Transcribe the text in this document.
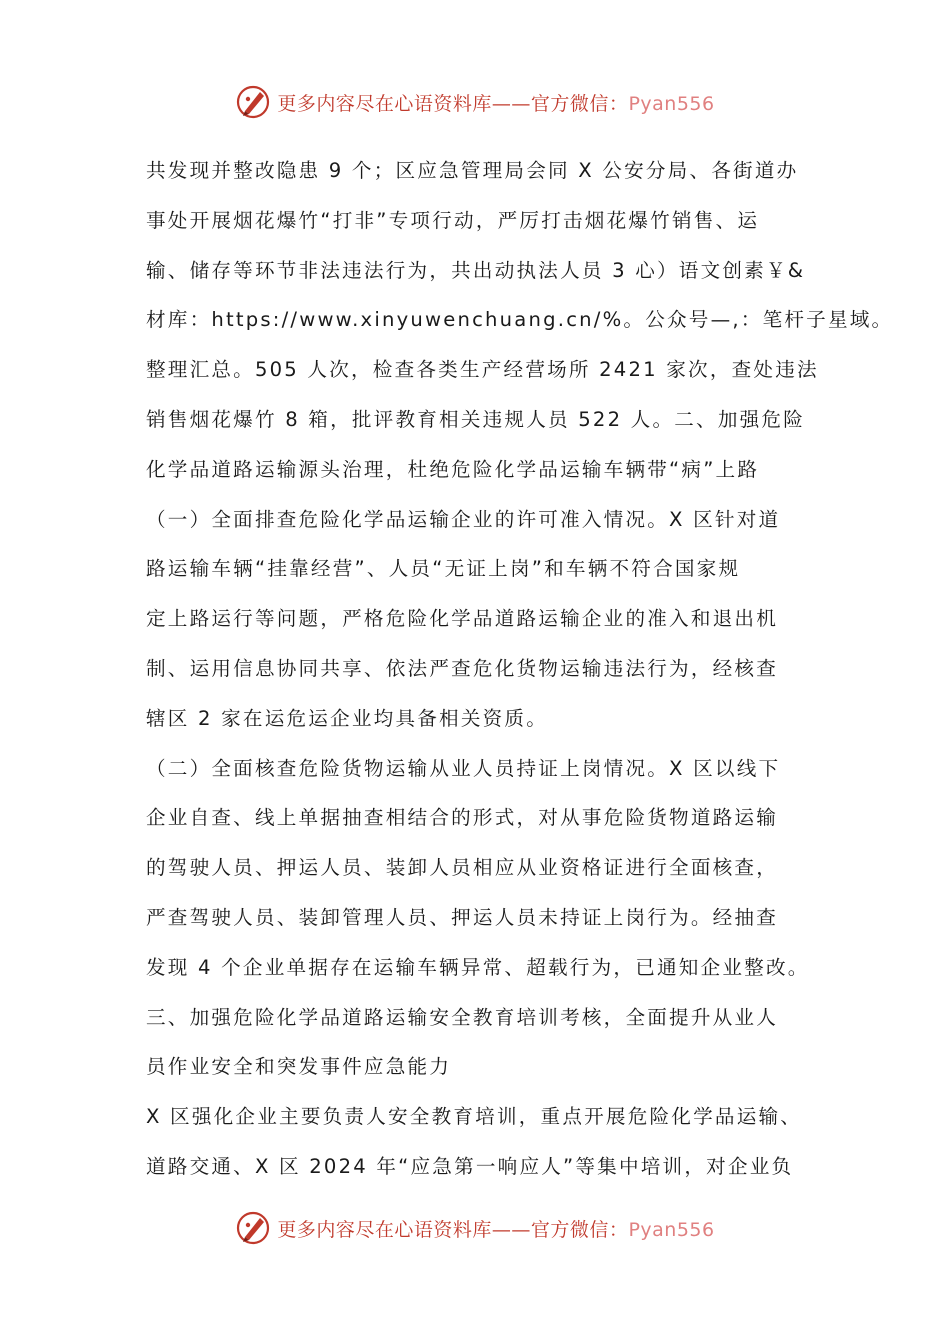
更多内容尽在心语资料库——官方微信：Pyan556
共发现并整改隐患 9 个；区应急管理局会同 X 公安分局、各街道办
事处开展烟花爆竹“打非”专项行动，严厉打击烟花爆竹销售、运
输、储存等环节非法违法行为，共出动执法人员 3 心）语文创素￥&
材库：https://www.xinyuwenchuang.cn/%。公众号—,：笔杆子星域。
整理汇总。505 人次，检查各类生产经营场所 2421 家次，查处违法
销售烟花爆竹 8 箱，批评教育相关违规人员 522 人。二、加强危险
化学品道路运输源头治理，杜绝危险化学品运输车辆带“病”上路
（一）全面排查危险化学品运输企业的许可准入情况。X 区针对道
路运输车辆“挂靠经营”、人员“无证上岗”和车辆不符合国家规
定上路运行等问题，严格危险化学品道路运输企业的准入和退出机
制、运用信息协同共享、依法严查危化货物运输违法行为，经核查
辖区 2 家在运危运企业均具备相关资质。
（二）全面核查危险货物运输从业人员持证上岗情况。X 区以线下
企业自查、线上单据抽查相结合的形式，对从事危险货物道路运输
的驾驶人员、押运人员、装卸人员相应从业资格证进行全面核查，
严查驾驶人员、装卸管理人员、押运人员未持证上岗行为。经抽查
发现 4 个企业单据存在运输车辆异常、超载行为，已通知企业整改。
三、加强危险化学品道路运输安全教育培训考核，全面提升从业人
员作业安全和突发事件应急能力
X 区强化企业主要负责人安全教育培训，重点开展危险化学品运输、
道路交通、X 区 2024 年“应急第一响应人”等集中培训，对企业负
更多内容尽在心语资料库——官方微信：Pyan556
